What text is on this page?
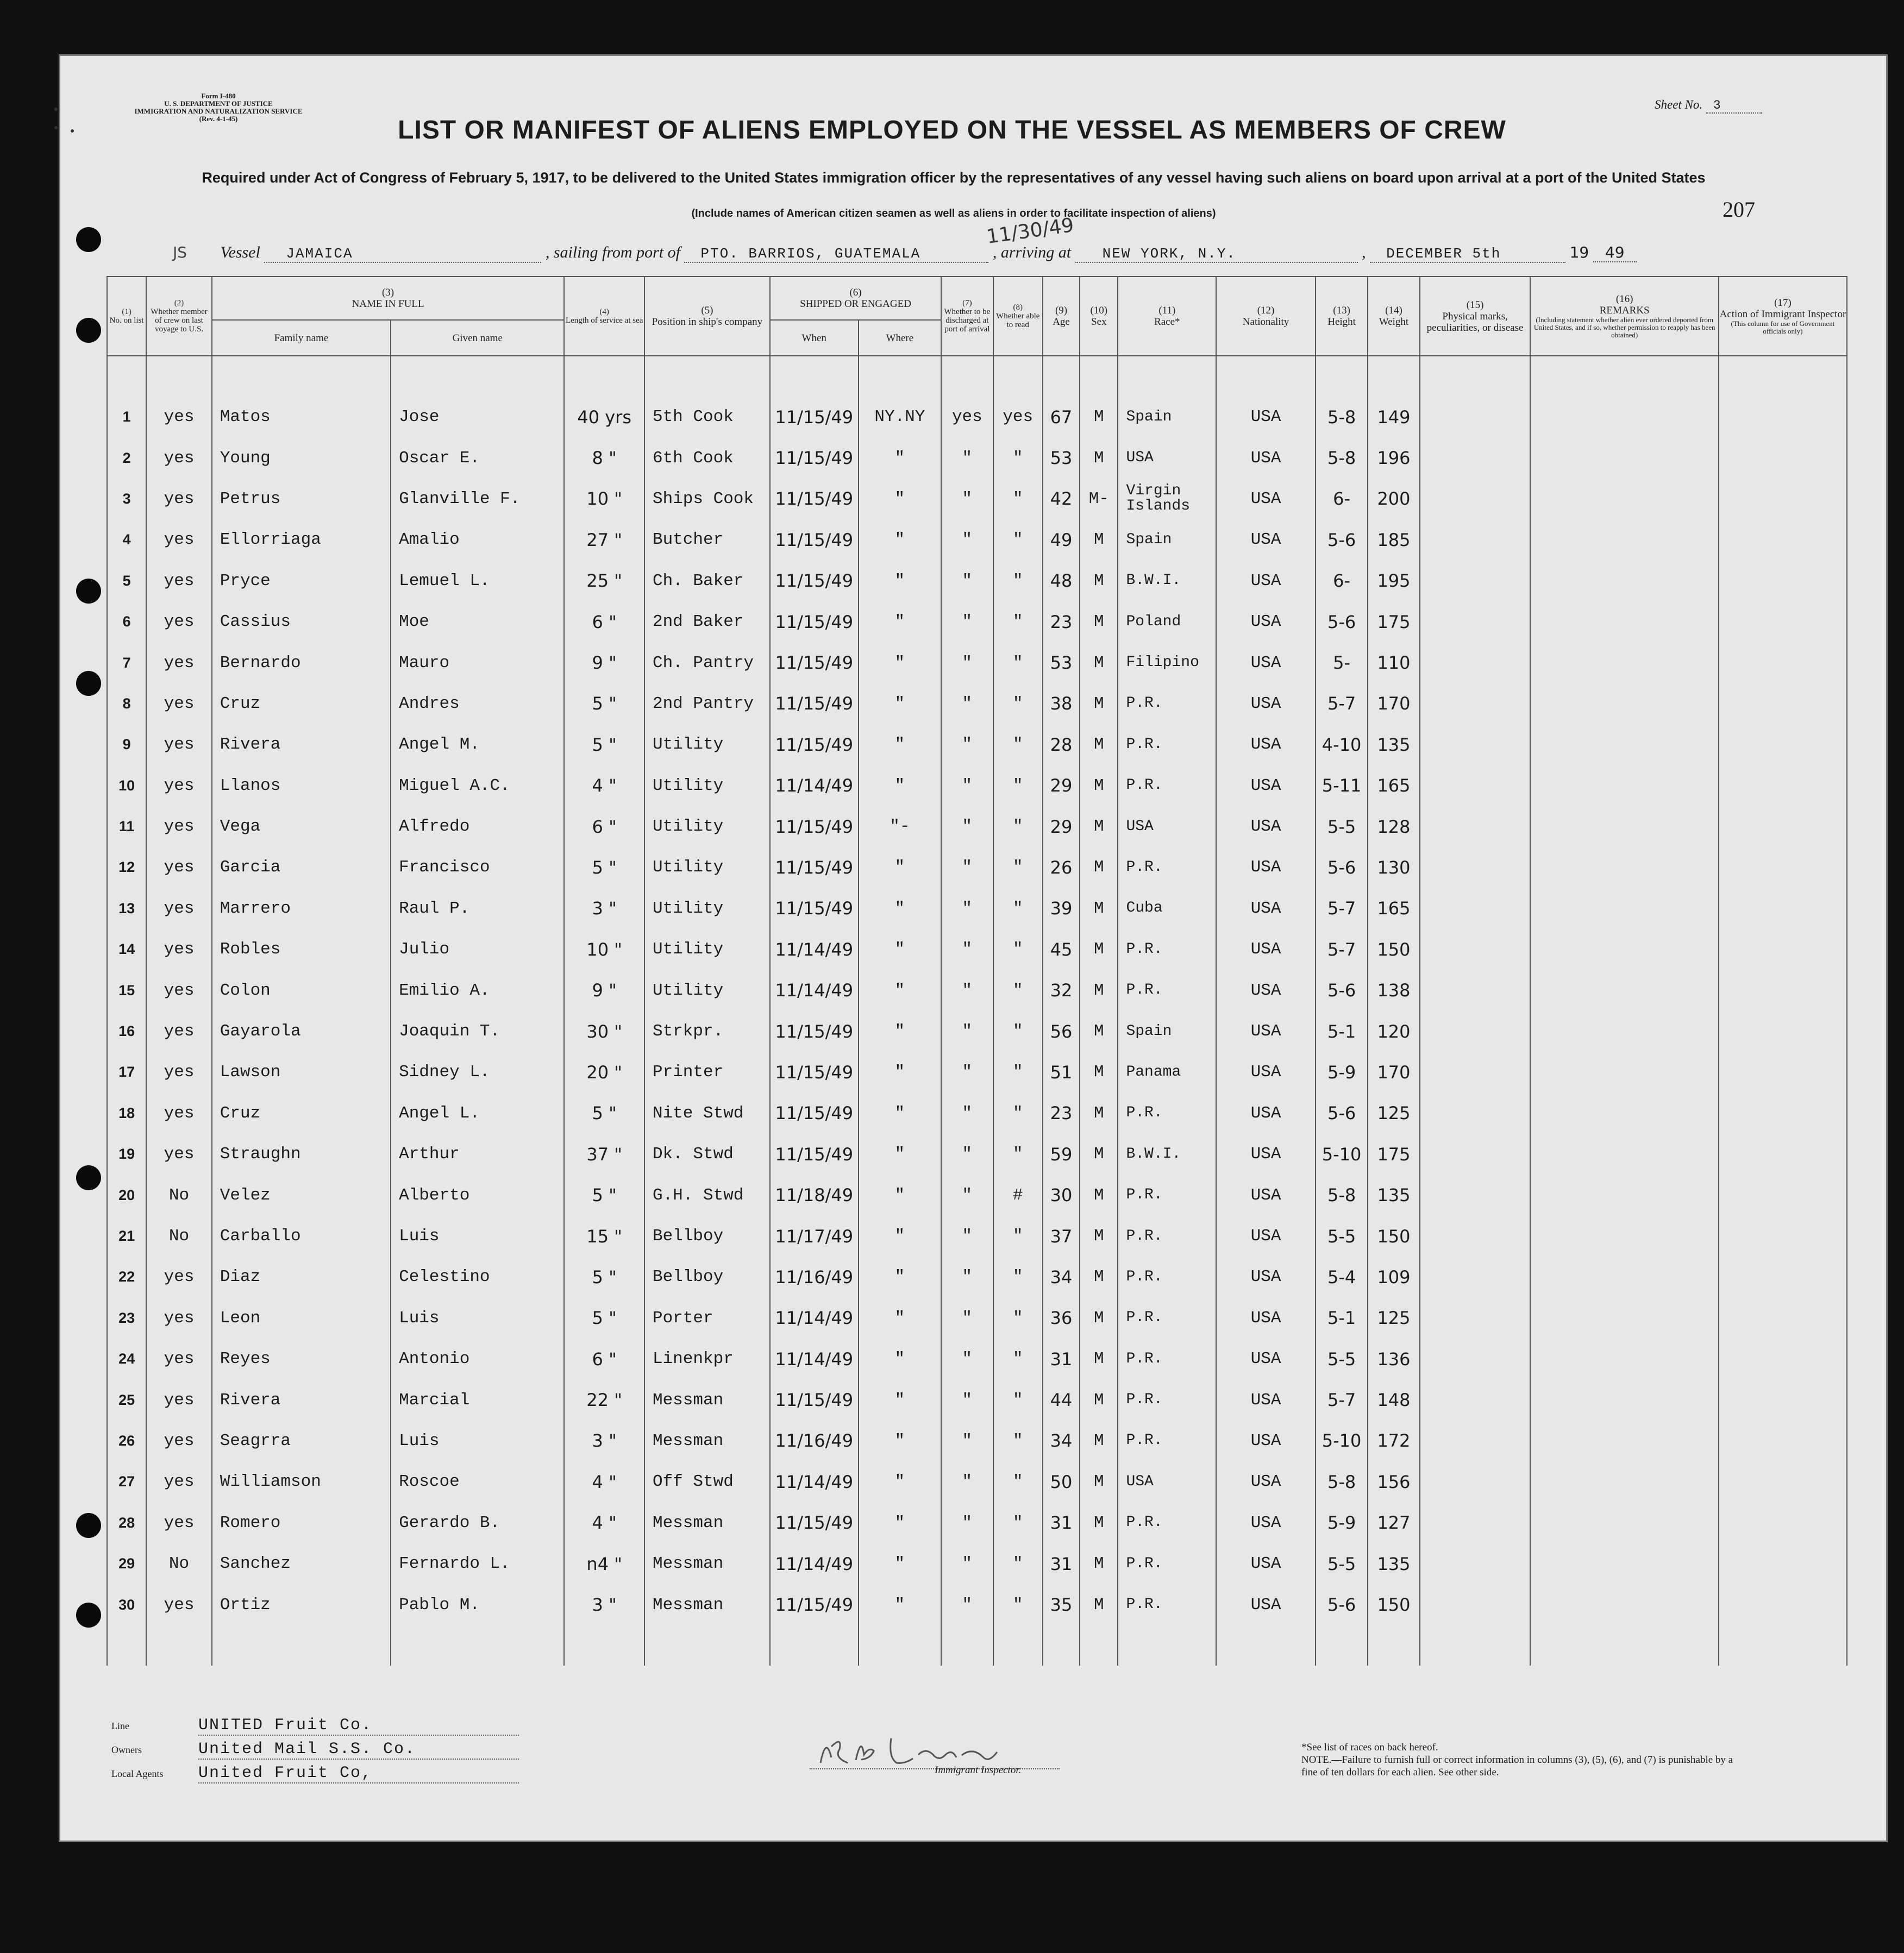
Form I-480
U. S. DEPARTMENT OF JUSTICE
IMMIGRATION AND NATURALIZATION SERVICE
(Rev. 4-1-45)	LIST OR MANIFEST OF ALIENS EMPLOYED ON THE VESSEL AS MEMBERS OF CREW
Sheet No. 3
Required under Act of Congress of February 5, 1917, to be delivered to the United States immigration officer by the representatives of any vessel having such aliens on board upon arrival at a port of the United States
(Include names of American citizen seamen as well as aliens in order to facilitate inspection of aliens)	207
JS Vessel JAMAICA	, sailing from port of PTO. BARRIOS, GUATEMALA	, arriving at NEW YORK, N.Y.	, DECEMBER 5th	19 49
11/30/49
(1)
No. on list	(2)
Whether member of crew on last voyage to U.S.	(3)
NAME IN FULL		(4)
Length of service at sea	(5)
Position in ship's company	(6)
SHIPPED OR ENGAGED		(7)
Whether to be discharged at port of arrival	(8)
Whether able to read	(9)
Age	(10)
Sex	(11)
Race*	(12)
Nationality	(13)
Height	(14)
Weight	(15)
Physical marks, peculiarities, or disease	(16)
REMARKS

(Including statement whether alien ever ordered deported from United States, and if so, whether permission to reapply has been obtained)	(17)
Action of Immigrant Inspector

(This column for use of Government officials only)

		Family name	Given name			When	Where											

1	yes	Matos	Jose	40 yrs	5th Cook	11/15/49	NY.NY	yes	yes	67	M	Spain	USA	5-8	149			
2	yes	Young	Oscar E.	8 "	6th Cook	11/15/49	"	"	"	53	M	USA	USA	5-8	196			
3	yes	Petrus	Glanville F.	10 "	Ships Cook	11/15/49	"	"	"	42	M-	Virgin Islands	USA	6-	200			
4	yes	Ellorriaga	Amalio	27 "	Butcher	11/15/49	"	"	"	49	M	Spain	USA	5-6	185			
5	yes	Pryce	Lemuel L.	25 "	Ch. Baker	11/15/49	"	"	"	48	M	B.W.I.	USA	6-	195			
6	yes	Cassius	Moe	6 "	2nd Baker	11/15/49	"	"	"	23	M	Poland	USA	5-6	175			
7	yes	Bernardo	Mauro	9 "	Ch. Pantry	11/15/49	"	"	"	53	M	Filipino	USA	5-	110			
8	yes	Cruz	Andres	5 "	2nd Pantry	11/15/49	"	"	"	38	M	P.R.	USA	5-7	170			
9	yes	Rivera	Angel M.	5 "	Utility	11/15/49	"	"	"	28	M	P.R.	USA	4-10	135			
10	yes	Llanos	Miguel A.C.	4 "	Utility	11/14/49	"	"	"	29	M	P.R.	USA	5-11	165			
11	yes	Vega	Alfredo	6 "	Utility	11/15/49	"-	"	"	29	M	USA	USA	5-5	128			
12	yes	Garcia	Francisco	5 "	Utility	11/15/49	"	"	"	26	M	P.R.	USA	5-6	130			
13	yes	Marrero	Raul P.	3 "	Utility	11/15/49	"	"	"	39	M	Cuba	USA	5-7	165			
14	yes	Robles	Julio	10 "	Utility	11/14/49	"	"	"	45	M	P.R.	USA	5-7	150			
15	yes	Colon	Emilio A.	9 "	Utility	11/14/49	"	"	"	32	M	P.R.	USA	5-6	138			
16	yes	Gayarola	Joaquin T.	30 "	Strkpr.	11/15/49	"	"	"	56	M	Spain	USA	5-1	120			
17	yes	Lawson	Sidney L.	20 "	Printer	11/15/49	"	"	"	51	M	Panama	USA	5-9	170			
18	yes	Cruz	Angel L.	5 "	Nite Stwd	11/15/49	"	"	"	23	M	P.R.	USA	5-6	125			
19	yes	Straughn	Arthur	37 "	Dk. Stwd	11/15/49	"	"	"	59	M	B.W.I.	USA	5-10	175			
20	No	Velez	Alberto	5 "	G.H. Stwd	11/18/49	"	"	#	30	M	P.R.	USA	5-8	135			
21	No	Carballo	Luis	15 "	Bellboy	11/17/49	"	"	"	37	M	P.R.	USA	5-5	150			
22	yes	Diaz	Celestino	5 "	Bellboy	11/16/49	"	"	"	34	M	P.R.	USA	5-4	109			
23	yes	Leon	Luis	5 "	Porter	11/14/49	"	"	"	36	M	P.R.	USA	5-1	125			
24	yes	Reyes	Antonio	6 "	Linenkpr	11/14/49	"	"	"	31	M	P.R.	USA	5-5	136			
25	yes	Rivera	Marcial	22 "	Messman	11/15/49	"	"	"	44	M	P.R.	USA	5-7	148			
26	yes	Seagrra	Luis	3 "	Messman	11/16/49	"	"	"	34	M	P.R.	USA	5-10	172			
27	yes	Williamson	Roscoe	4 "	Off Stwd	11/14/49	"	"	"	50	M	USA	USA	5-8	156			
28	yes	Romero	Gerardo B.	4 "	Messman	11/15/49	"	"	"	31	M	P.R.	USA	5-9	127			
29	No	Sanchez	Fernardo L.	n4 "	Messman	11/14/49	"	"	"	31	M	P.R.	USA	5-5	135			
30	yes	Ortiz	Pablo M.	3 "	Messman	11/15/49	"	"	"	35	M	P.R.	USA	5-6	150			

Line	UNITED Fruit Co.
Owners	United Mail S.S. Co.
Local Agents United Fruit Co,	Immigrant Inspector.
*See list of races on back hereof.
NOTE.—Failure to furnish full or correct information in columns (3), (5), (6), and (7) is punishable by a fine of ten dollars for each alien. See other side.
